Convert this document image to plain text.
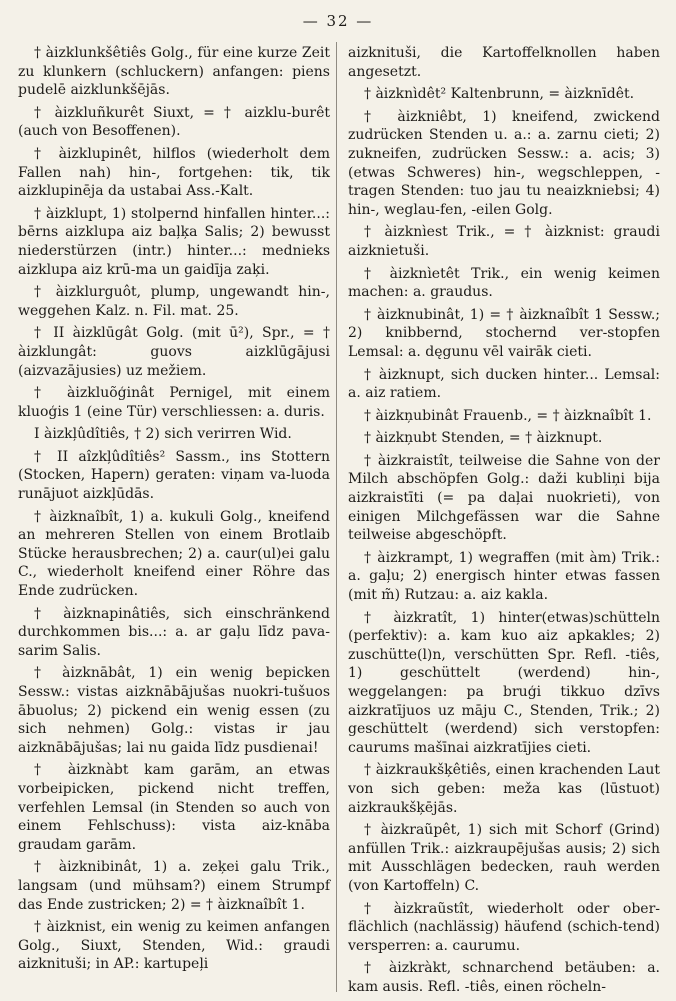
— 32 —

† àizklunkšêtiês Golg., für eine kurze Zeit zu klunkern (schluckern) anfangen: piens pudelē aizklunkšējās.

† àizkluñkurêt Siuxt, = † aizklu-burêt (auch von Besoffenen).

† àizklupinêt, hilflos (wiederholt dem Fallen nah) hin-, fortgehen: tik, tik aizklupinēja da ustabai Ass.-Kalt.

† àizklupt, 1) stolpernd hinfallen hinter...: bērns aizklupa aiz baļķa Salis; 2) bewusst niederstürzen (intr.) hinter...: mednieks aizklupa aiz krū-ma un gaidīja zaķi.

† àizklurguôt, plump, ungewandt hin-, weggehen Kalz. n. Fil. mat. 25.

† II àizklūgât Golg. (mit ū²), Spr., = † àizklungât: guovs aizklūgājusi (aizvazājusies) uz mežiem.

† àizkluõģinât Pernigel, mit einem kluoģis 1 (eine Tür) verschliessen: a. duris.

I àizkļûdîtiês, † 2) sich verirren Wid.

† II aîzkļûdîtiês² Sassm., ins Stottern (Stocken, Hapern) geraten: viņam va-luoda runājuot aizkļūdās.

† àizknaîbît, 1) a. kukuli Golg., kneifend an mehreren Stellen von einem Brotlaib Stücke herausbrechen; 2) a. caur(ul)ei galu C., wiederholt kneifend einer Röhre das Ende zudrücken.

† àizknapinâtiês, sich einschränkend durchkommen bis...: a. ar gaļu līdz pava-sarim Salis.

† àizknābât, 1) ein wenig bepicken Sessw.: vistas aizknābājušas nuokri-tušuos ābuolus; 2) pickend ein wenig essen (zu sich nehmen) Golg.: vistas ir jau aizknābājušas; lai nu gaida līdz pusdienai!

† àizknàbt kam garām, an etwas vorbeipicken, pickend nicht treffen, verfehlen Lemsal (in Stenden so auch von einem Fehlschuss): vista aiz-knāba graudam garām.

† àizknibinât, 1) a. zeķei galu Trik., langsam (und mühsam?) einem Strumpf das Ende zustricken; 2) = † àizknaîbît 1.

† àizknist, ein wenig zu keimen anfangen Golg., Siuxt, Stenden, Wid.: graudi aizknituši; in AP.: kartupeļi

aizknituši, die Kartoffelknollen haben angesetzt.

† àizknìdêt² Kaltenbrunn, = àizknīdêt.

† àizkniêbt, 1) kneifend, zwickend zudrücken Stenden u. a.: a. zarnu cieti; 2) zukneifen, zudrücken Sessw.: a. acis; 3) (etwas Schweres) hin-, wegschleppen, -tragen Stenden: tuo jau tu neaizkniebsi; 4) hin-, weglau-fen, -eilen Golg.

† àizknìest Trik., = † àizknist: graudi aizknietuši.

† àizknìetêt Trik., ein wenig keimen machen: a. graudus.

† àizknubinât, 1) = † àizknaîbît 1 Sessw.; 2) knibbernd, stochernd ver-stopfen Lemsal: a. dęgunu vēl vairāk cieti.

† àizknupt, sich ducken hinter... Lemsal: a. aiz ratiem.

† àizkņubinât Frauenb., = † àizknaîbît 1.

† àizkņubt Stenden, = † àizknupt.

† àizkraistît, teilweise die Sahne von der Milch abschöpfen Golg.: daži kubliņi bija aizkraistīti (= pa daļai nuokrieti), von einigen Milchgefässen war die Sahne teilweise abgeschöpft.

† àizkrampt, 1) wegraffen (mit àm) Trik.: a. gaļu; 2) energisch hinter etwas fassen (mit m̃) Rutzau: a. aiz kakla.

† àizkratît, 1) hinter(etwas)schütteln (perfektiv): a. kam kuo aiz apkakles; 2) zuschütte(l)n, verschütten Spr. Refl. -tiês, 1) geschüttelt (werdend) hin-, weggelangen: pa bruģi tikkuo dzīvs aizkratījuos uz māju C., Stenden, Trik.; 2) geschüttelt (werdend) sich verstopfen: caurums mašīnai aizkratījies cieti.

† àizkraukšķêtiês, einen krachenden Laut von sich geben: meža kas (lūstuot) aizkraukšķējās.

† àizkraũpêt, 1) sich mit Schorf (Grind) anfüllen Trik.: aizkraupējušas ausis; 2) sich mit Ausschlägen bedecken, rauh werden (von Kartoffeln) C.

† àizkraũstît, wiederholt oder ober-flächlich (nachlässig) häufend (schich-tend) versperren: a. caurumu.

† àizkràkt, schnarchend betäuben: a. kam ausis. Refl. -tiês, einen röcheln-
